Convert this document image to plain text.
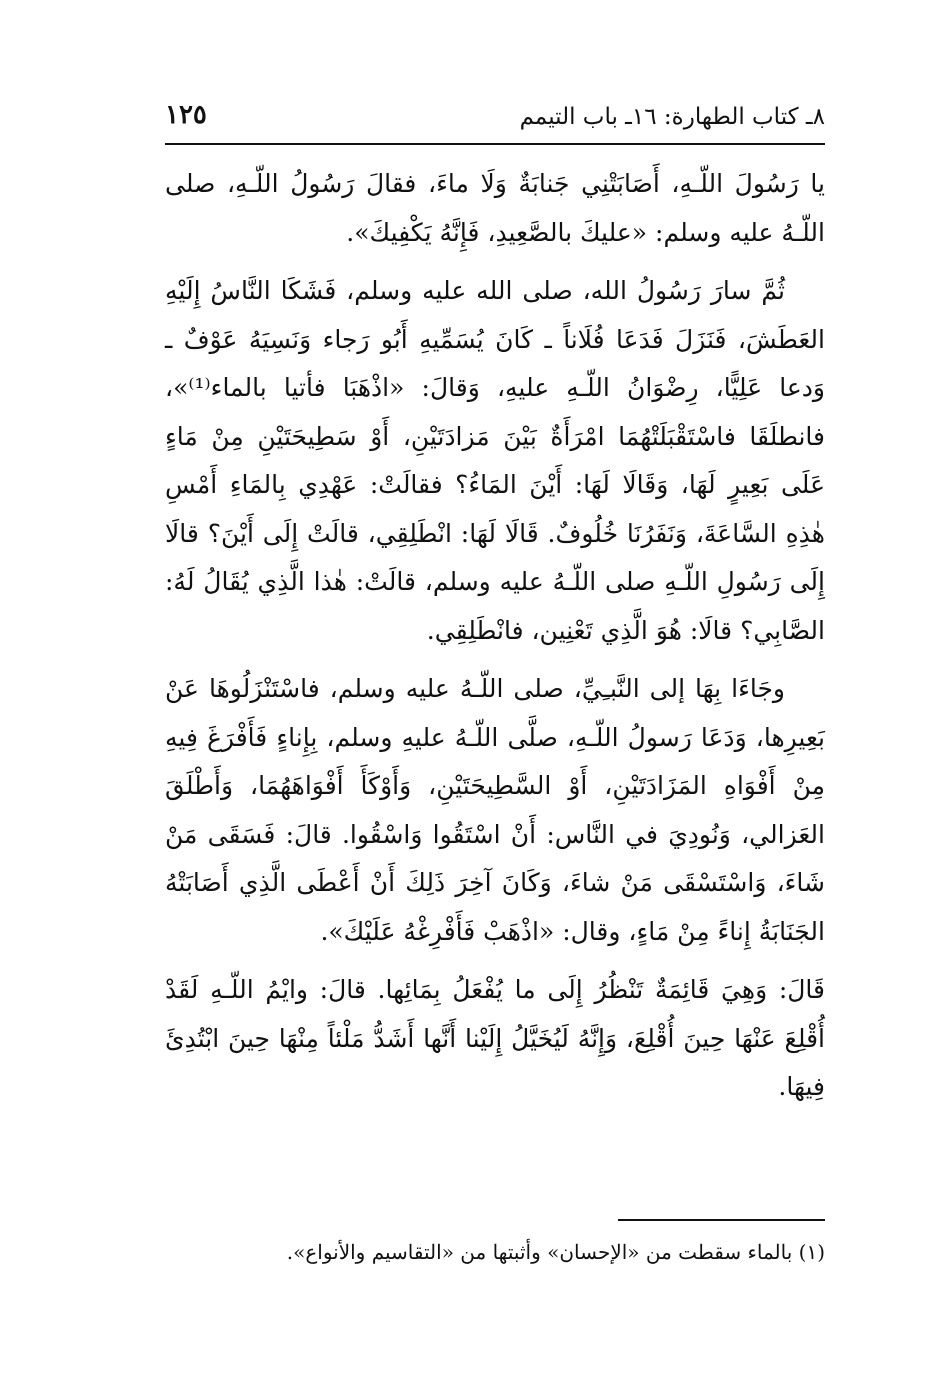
٨ـ كتاب الطهارة: ١٦ـ باب التيمم
١٢٥

يا رَسُولَ اللّـهِ، أَصَابَتْنِي جَنابَةٌ وَلَا ماءَ، فقالَ رَسُولُ اللّـهِ، صلى اللّـهُ عليه وسلم: «عليكَ بالصَّعِيدِ، فَإِنَّهُ يَكْفِيكَ».

ثُمَّ سارَ رَسُولُ الله، صلى الله عليه وسلم، فَشَكَا النَّاسُ إِلَيْهِ العَطَشَ، فَنَزَلَ فَدَعَا فُلَاناً ـ كَانَ يُسَمِّيهِ أَبُو رَجاء وَنَسِيَهُ عَوْفٌ ـ وَدعا عَلِيًّا، رِضْوَانُ اللّـهِ عليهِ، وَقالَ: «اذْهَبَا فأتيا بالماء⁽¹⁾»، فانطلَقَا فاسْتَقْبَلَتْهُمَا امْرَأَةٌ بَيْنَ مَزادَتَيْنِ، أَوْ سَطِيحَتَيْنِ مِنْ مَاءٍ عَلَى بَعِيرٍ لَهَا، وَقَالَا لَهَا: أَيْنَ المَاءُ؟ فقالَتْ: عَهْدِي بِالمَاءِ أَمْسِ هٰذِهِ السَّاعَةَ، وَنَفَرُنَا خُلُوفٌ. قَالَا لَهَا: انْطَلِقِي، قالَتْ إِلَى أَيْنَ؟ قالَا إِلَى رَسُولِ اللّـهِ صلى اللّـهُ عليه وسلم، قالَتْ: هٰذا الَّذِي يُقَالُ لَهُ: الصَّابِي؟ قالَا: هُوَ الَّذِي تَعْنِين، فانْطَلِقِي.

وجَاءَا بِهَا إلى النَّبـِيِّ، صلى اللّـهُ عليه وسلم، فاسْتَنْزَلُوهَا عَنْ بَعِيرِها، وَدَعَا رَسولُ اللّـهِ، صلَّى اللّـهُ عليهِ وسلم، بِإِناءٍ فَأَفْرَغَ فِيهِ مِنْ أَفْوَاهِ المَزَادَتَيْنِ، أَوْ السَّطِيحَتَيْنِ، وَأَوْكَأَ أَفْوَاهَهُمَا، وَأَطْلَقَ العَزالي، وَنُودِيَ في النَّاس: أَنْ اسْتَقُوا وَاسْقُوا. قالَ: فَسَقَى مَنْ شَاءَ، وَاسْتَسْقَى مَنْ شاءَ، وَكَانَ آخِرَ ذَلِكَ أَنْ أَعْطَى الَّذِي أَصَابَتْهُ الجَنَابَةُ إِناءً مِنْ مَاءٍ، وقال: «اذْهَبْ فَأَفْرِغْهُ عَلَيْكَ».

قَالَ: وَهِيَ قَائِمَةٌ تَنْظُرُ إِلَى ما يُفْعَلُ بِمَائِها. قالَ: وايْمُ اللّـهِ لَقَدْ أُقْلِعَ عَنْهَا حِينَ أُقْلِعَ، وَإِنَّهُ لَيُخَيَّلُ إِلَيْنا أَنَّها أَشَدُّ مَلْئاً مِنْهَا حِينَ ابْتُدِئَ فِيهَا.

(١) بالماء سقطت من «الإحسان» وأثبتها من «التقاسيم والأنواع».
